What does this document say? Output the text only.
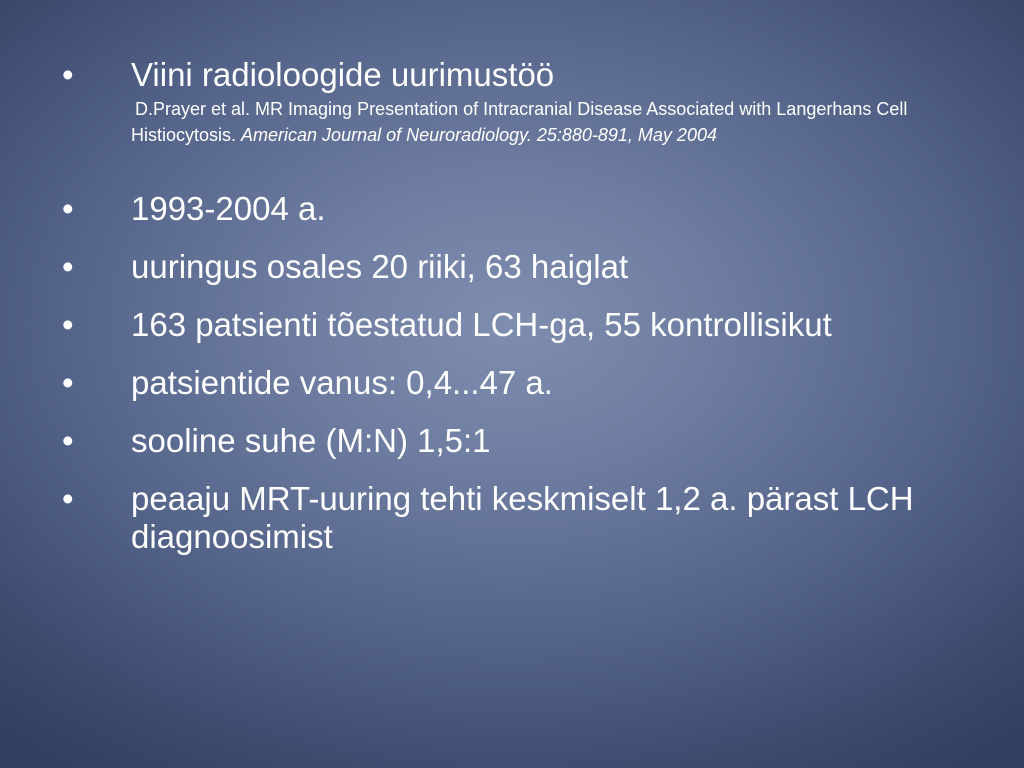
• Viini radioloogide uurimustöö
D.Prayer et al. MR Imaging Presentation of Intracranial Disease Associated with Langerhans Cell Histiocytosis. American Journal of Neuroradiology. 25:880-891, May 2004
• 1993-2004 a.
• uuringus osales 20 riiki, 63 haiglat
• 163 patsienti tõestatud LCH-ga, 55 kontrollisikut
• patsientide vanus: 0,4...47 a.
• sooline suhe (M:N) 1,5:1
• peaaju MRT-uuring tehti keskmiselt 1,2 a. pärast LCH diagnoosimist
